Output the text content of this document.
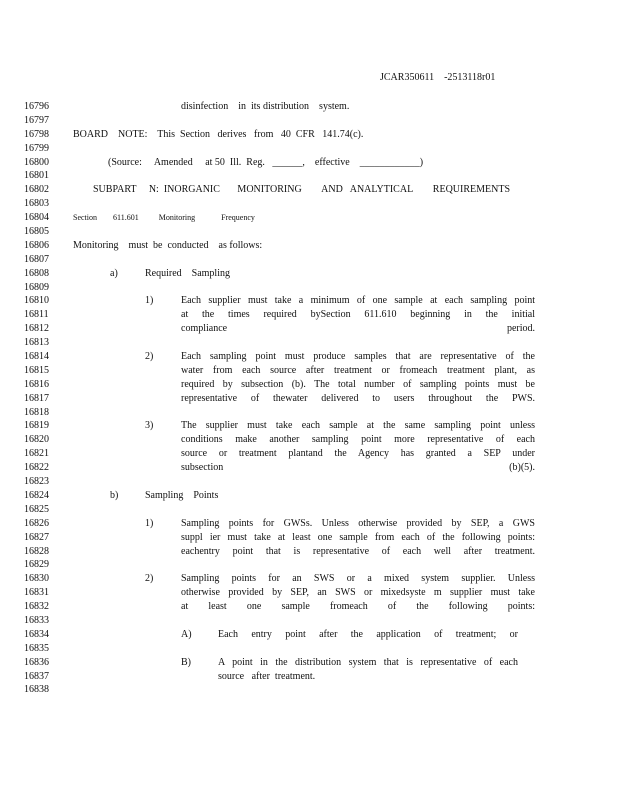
JCAR350611    -2513118r01
16796	disinfection    in  its distribution    system.
16797
16798	BOARD    NOTE:    This  Section   derives   from   40  CFR   141.74(c).
16799
16800	(Source:     Amended     at 50  Ill.  Reg.   ______,    effective    ____________)
16801
16802	SUBPART     N:  INORGANIC       MONITORING        AND   ANALYTICAL        REQUIREMENTS
16803
16804	Section        611.601          Monitoring             Frequency
16805
16806	Monitoring    must  be  conducted    as follows:
16807
16808	a)	Required    Sampling
16809
16810	1)	Each supplier must take a minimum of one sample at each sampling point
16811	at the times required bySection 611.610 beginning in the initial
16812	compliance period.
16813
16814	2)	Each sampling point must produce samples that are representative of the
16815	water from each source after treatment or fromeach treatment plant, as
16816	required by subsection (b). The total number of sampling points must be
16817	representative of thewater delivered to users throughout the PWS.
16818
16819	3)	The supplier must take each sample at the same sampling point unless
16820	conditions make another sampling point more representative of each
16821	source or treatment plantand the Agency has granted a SEP under
16822	subsection (b)(5).
16823
16824	b)	Sampling    Points
16825
16826	1)	Sampling points for GWSs. Unless otherwise provided by SEP, a GWS
16827	suppl ier must take at least one sample from each of the following points:
16828	eachentry point that is representative of each well after treatment.
16829
16830	2)	Sampling points for an SWS or a mixed system supplier. Unless
16831	otherwise provided by SEP, an SWS or mixedsyste m supplier must take
16832	at least one sample fromeach of the following points:
16833
16834	A)	Each entry point after the application of treatment; or
16835
16836	B)	A point in the distribution system that is representative of each
16837	source   after  treatment.
16838
